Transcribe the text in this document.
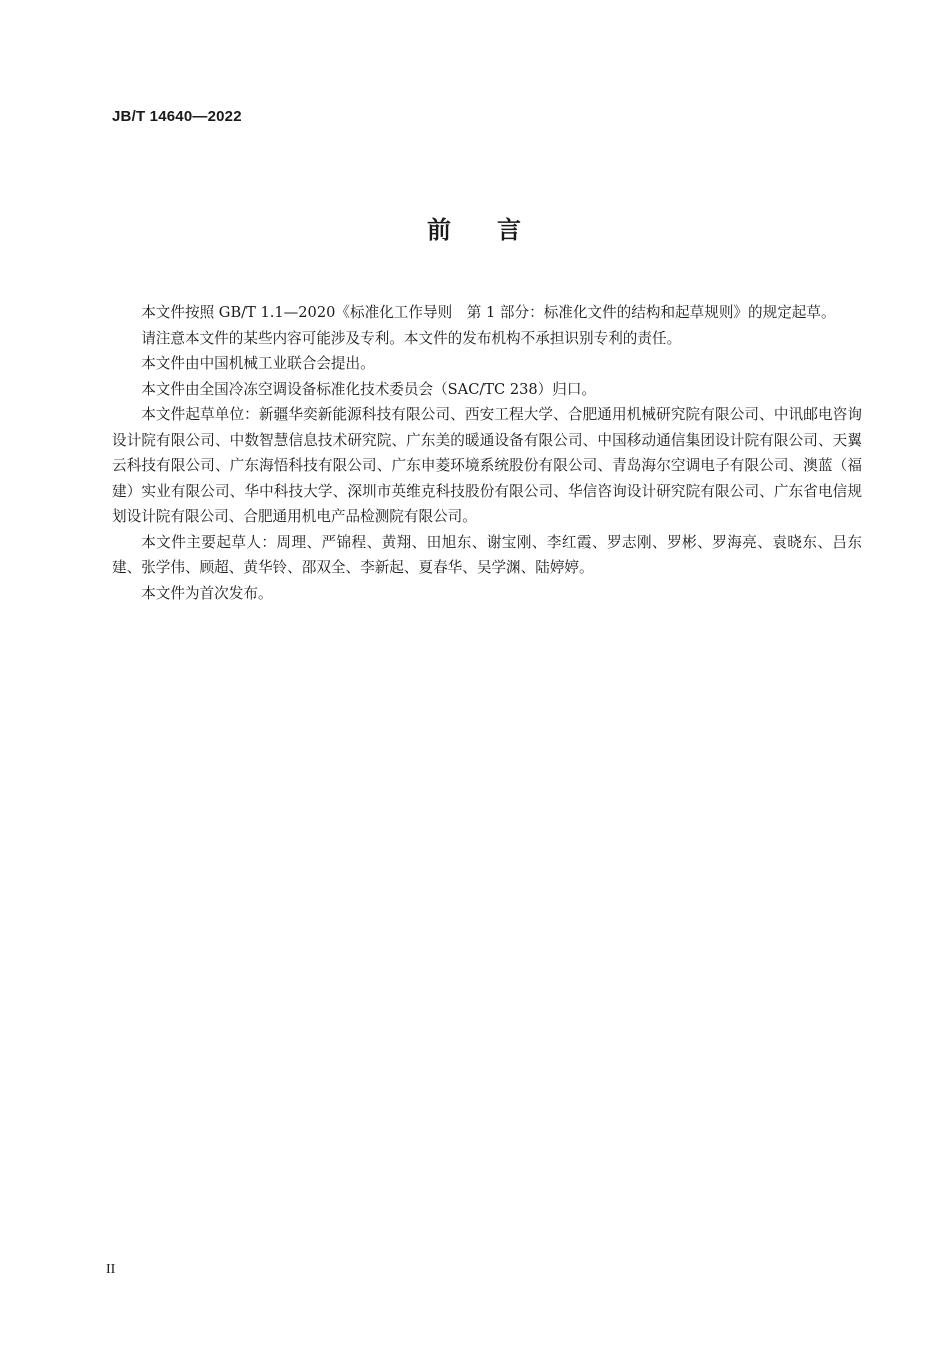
JB/T 14640—2022
前 言

本文件按照 GB/T 1.1—2020《标准化工作导则　第 1 部分：标准化文件的结构和起草规则》的规定起草。

请注意本文件的某些内容可能涉及专利。本文件的发布机构不承担识别专利的责任。

本文件由中国机械工业联合会提出。

本文件由全国冷冻空调设备标准化技术委员会（SAC/TC 238）归口。

本文件起草单位：新疆华奕新能源科技有限公司、西安工程大学、合肥通用机械研究院有限公司、中讯邮电咨询设计院有限公司、中数智慧信息技术研究院、广东美的暖通设备有限公司、中国移动通信集团设计院有限公司、天翼云科技有限公司、广东海悟科技有限公司、广东申菱环境系统股份有限公司、青岛海尔空调电子有限公司、澳蓝（福建）实业有限公司、华中科技大学、深圳市英维克科技股份有限公司、华信咨询设计研究院有限公司、广东省电信规划设计院有限公司、合肥通用机电产品检测院有限公司。

本文件主要起草人：周理、严锦程、黄翔、田旭东、谢宝刚、李红霞、罗志刚、罗彬、罗海亮、袁晓东、吕东建、张学伟、顾超、黄华铃、邵双全、李新起、夏春华、吴学渊、陆婷婷。

本文件为首次发布。

II
